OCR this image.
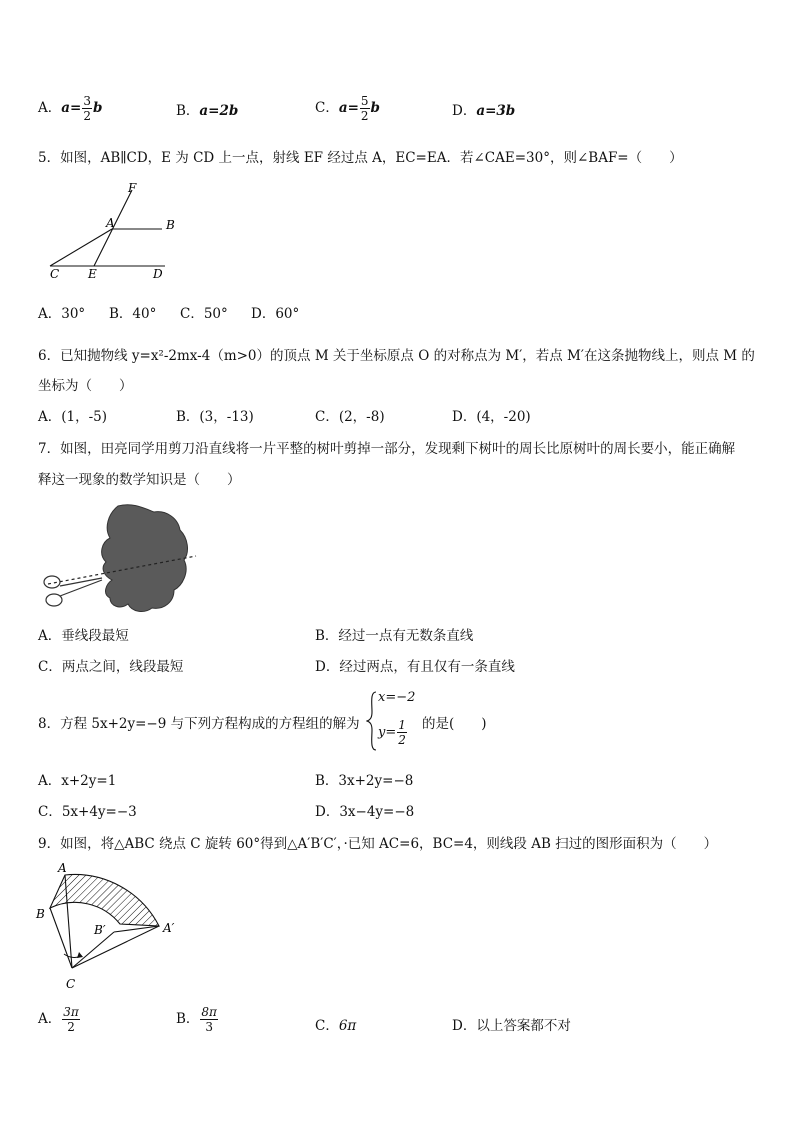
A．$a= \frac{3}{2}$ b	B．a=2b	C．$a= \frac{5}{2}$ b	D．a=3b
5．如图，AB∥CD，E 为 CD 上一点，射线 EF 经过点 A，EC=EA．若∠CAE=30°，则∠BAF=（　　）
F
A	B
C E	D
A．30° B．40° C．50° D．60°
6．已知抛物线 y=x²-2mx-4（m>0）的顶点 M 关于坐标原点 O 的对称点为 M′，若点 M′在这条抛物线上，则点 M 的
坐标为（　　）
A．(1，-5)	B．(3，-13)	C．(2，-8)	D．(4，-20)
7．如图，田亮同学用剪刀沿直线将一片平整的树叶剪掉一部分，发现剩下树叶的周长比原树叶的周长要小，能正确解
释这一现象的数学知识是（　　）
A．垂线段最短	B．经过一点有无数条直线
C．两点之间，线段最短	D．经过两点，有且仅有一条直线
8．方程 5x+2y=−9 与下列方程构成的方程组的解为
x=−2
$y= \frac{1}{2}$ 的是(　　)
A．x+2y=1	B．3x+2y=−8
C．5x+4y=−3	D．3x−4y=−8
9．如图，将△ABC 绕点 C 旋转 60°得到△A′B′C′，·已知 AC=6，BC=4，则线段 AB 扫过的图形面积为（　　）
A
B
B′	A′
C
A． $\frac{3\pi}{2}$	B． $\frac{8\pi}{3}$	C．6π	D．以上答案都不对
